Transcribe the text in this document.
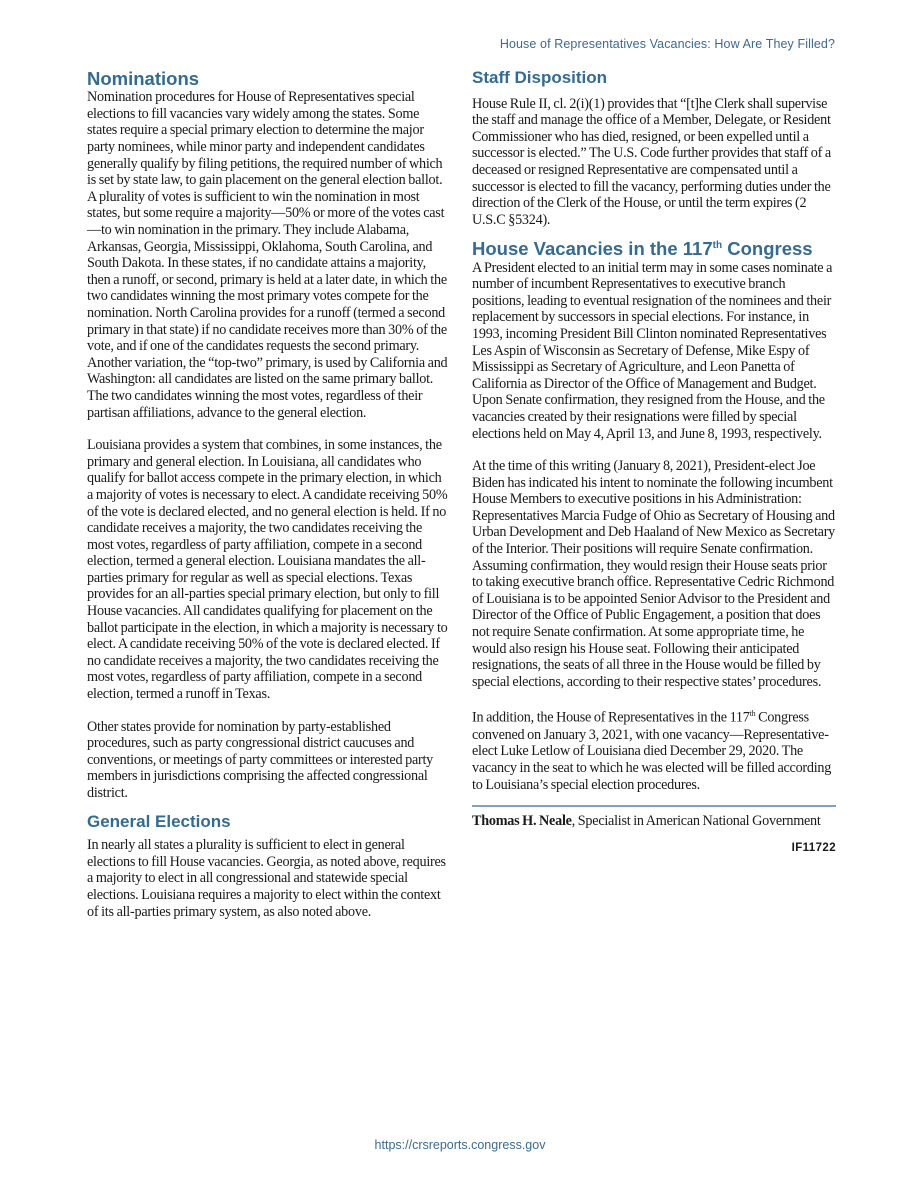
House of Representatives Vacancies: How Are They Filled?
Nominations

Nomination procedures for House of Representatives special elections to fill vacancies vary widely among the states. Some states require a special primary election to determine the major party nominees, while minor party and independent candidates generally qualify by filing petitions, the required number of which is set by state law, to gain placement on the general election ballot. A plurality of votes is sufficient to win the nomination in most states, but some require a majority—50% or more of the votes cast—to win nomination in the primary. They include Alabama, Arkansas, Georgia, Mississippi, Oklahoma, South Carolina, and South Dakota. In these states, if no candidate attains a majority, then a runoff, or second, primary is held at a later date, in which the two candidates winning the most primary votes compete for the nomination. North Carolina provides for a runoff (termed a second primary in that state) if no candidate receives more than 30% of the vote, and if one of the candidates requests the second primary. Another variation, the “top-two” primary, is used by California and Washington: all candidates are listed on the same primary ballot. The two candidates winning the most votes, regardless of their partisan affiliations, advance to the general election.

Louisiana provides a system that combines, in some instances, the primary and general election. In Louisiana, all candidates who qualify for ballot access compete in the primary election, in which a majority of votes is necessary to elect. A candidate receiving 50% of the vote is declared elected, and no general election is held. If no candidate receives a majority, the two candidates receiving the most votes, regardless of party affiliation, compete in a second election, termed a general election. Louisiana mandates the all-parties primary for regular as well as special elections. Texas provides for an all-parties special primary election, but only to fill House vacancies. All candidates qualifying for placement on the ballot participate in the election, in which a majority is necessary to elect. A candidate receiving 50% of the vote is declared elected. If no candidate receives a majority, the two candidates receiving the most votes, regardless of party affiliation, compete in a second election, termed a runoff in Texas.

Other states provide for nomination by party-established procedures, such as party congressional district caucuses and conventions, or meetings of party committees or interested party members in jurisdictions comprising the affected congressional district.

General Elections

In nearly all states a plurality is sufficient to elect in general elections to fill House vacancies. Georgia, as noted above, requires a majority to elect in all congressional and statewide special elections. Louisiana requires a majority to elect within the context of its all-parties primary system, as also noted above.

Staff Disposition

House Rule II, cl. 2(i)(1) provides that “[t]he Clerk shall supervise the staff and manage the office of a Member, Delegate, or Resident Commissioner who has died, resigned, or been expelled until a successor is elected.” The U.S. Code further provides that staff of a deceased or resigned Representative are compensated until a successor is elected to fill the vacancy, performing duties under the direction of the Clerk of the House, or until the term expires (2 U.S.C §5324).

House Vacancies in the 117th Congress

A President elected to an initial term may in some cases nominate a number of incumbent Representatives to executive branch positions, leading to eventual resignation of the nominees and their replacement by successors in special elections. For instance, in 1993, incoming President Bill Clinton nominated Representatives Les Aspin of Wisconsin as Secretary of Defense, Mike Espy of Mississippi as Secretary of Agriculture, and Leon Panetta of California as Director of the Office of Management and Budget. Upon Senate confirmation, they resigned from the House, and the vacancies created by their resignations were filled by special elections held on May 4, April 13, and June 8, 1993, respectively.

At the time of this writing (January 8, 2021), President-elect Joe Biden has indicated his intent to nominate the following incumbent House Members to executive positions in his Administration: Representatives Marcia Fudge of Ohio as Secretary of Housing and Urban Development and Deb Haaland of New Mexico as Secretary of the Interior. Their positions will require Senate confirmation. Assuming confirmation, they would resign their House seats prior to taking executive branch office. Representative Cedric Richmond of Louisiana is to be appointed Senior Advisor to the President and Director of the Office of Public Engagement, a position that does not require Senate confirmation. At some appropriate time, he would also resign his House seat. Following their anticipated resignations, the seats of all three in the House would be filled by special elections, according to their respective states’ procedures.

In addition, the House of Representatives in the 117th Congress convened on January 3, 2021, with one vacancy—Representative-elect Luke Letlow of Louisiana died December 29, 2020. The vacancy in the seat to which he was elected will be filled according to Louisiana’s special election procedures.

Thomas H. Neale, Specialist in American National Government

IF11722
https://crsreports.congress.gov
